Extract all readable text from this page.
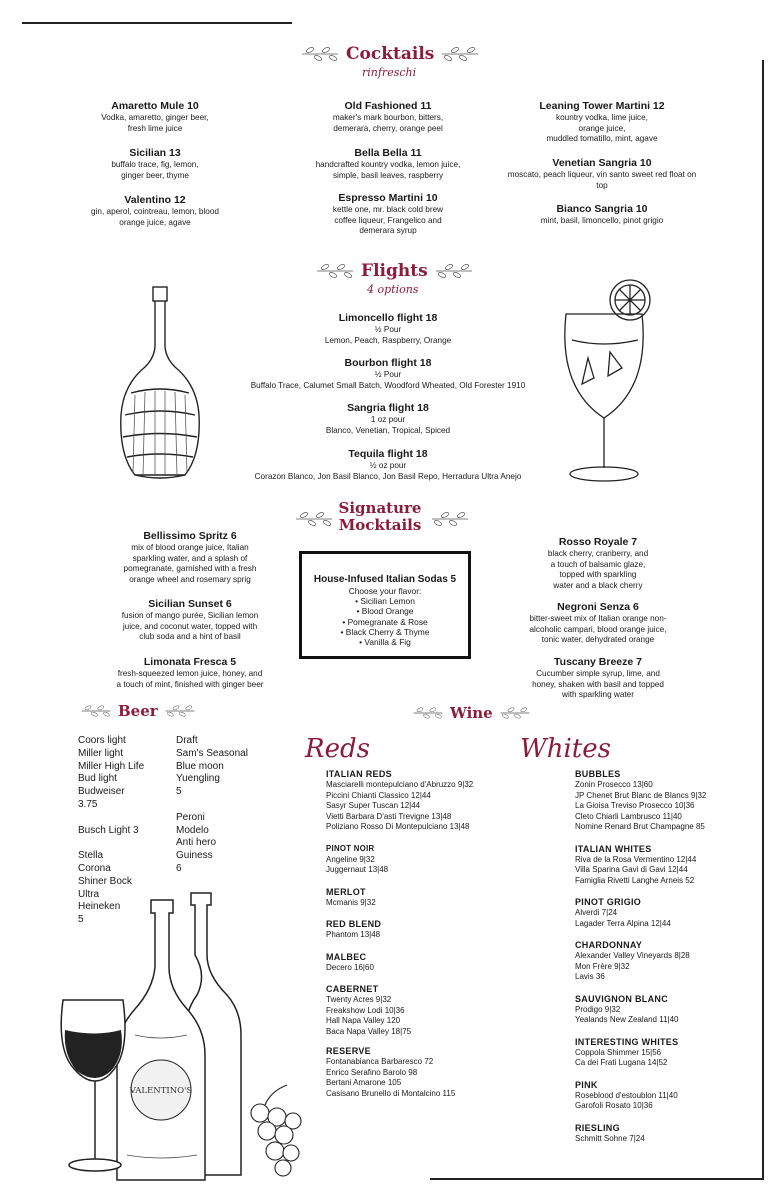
Cocktails
rinfreschi
Amaretto Mule 10
Vodka, amaretto, ginger beer,
fresh lime juice
Sicilian 13
buffalo trace, fig, lemon,
ginger beer, thyme
Valentino 12
gin, aperol, cointreau, lemon, blood
orange juice, agave
Old Fashioned 11
maker's mark bourbon, bitters,
demerara, cherry, orange peel
Bella Bella 11
handcrafted kountry vodka, lemon juice,
simple, basil leaves, raspberry
Espresso Martini 10
kettle one, mr. black cold brew
coffee liqueur, Frangelico and
demerara syrup
Leaning Tower Martini 12
kountry vodka, lime juice,
orange juice,
muddled tomatillo, mint, agave
Venetian Sangria 10
moscato, peach liqueur, vin santo sweet red float on
top
Bianco Sangria 10
mint, basil, limoncello, pinot grigio
Flights
4 options
Limoncello flight 18
½ Pour
Lemon, Peach, Raspberry, Orange
Bourbon flight 18
½ Pour
Buffalo Trace, Calumet Small Batch, Woodford Wheated, Old Forester 1910
Sangria flight 18
1 oz pour
Blanco, Venetian, Tropical, Spiced
Tequila flight 18
½ oz pour
Corazon Blanco, Jon Basil Blanco, Jon Basil Repo, Herradura Ultra Anejo
Signature
Mocktails
Bellissimo Spritz 6
mix of blood orange juice, Italian
sparkling water, and a splash of
pomegranate, garnished with a fresh
orange wheel and rosemary sprig
Sicilian Sunset 6
fusion of mango purée, Sicilian lemon
juice, and coconut water, topped with
club soda and a hint of basil
Limonata Fresca 5
fresh-squeezed lemon juice, honey, and
a touch of mint, finished with ginger beer
House-Infused Italian Sodas 5
Choose your flavor:
• Sicilian Lemon
• Blood Orange
• Pomegranate & Rose
• Black Cherry & Thyme
• Vanilla & Fig
Rosso Royale 7
black cherry, cranberry, and
a touch of balsamic glaze,
topped with sparkling
water and a black cherry
Negroni Senza 6
bitter-sweet mix of Italian orange non-
alcoholic campari, blood orange juice,
tonic water, dehydrated orange
Tuscany Breeze 7
Cucumber simple syrup, lime, and
honey, shaken with basil and topped
with sparkling water
Beer
Coors light
Miller light
Miller High Life
Bud light
Budweiser
3.75
Busch Light 3
Stella
Corona
Shiner Bock
Ultra
Heineken
5
Draft
Sam's Seasonal
Blue moon
Yuengling
5
Peroni
Modelo
Anti hero
Guiness
6
VALENTINO'S
Wine
Reds	Whites
ITALIAN REDS
Masciarelli montepulciano d'Abruzzo 9|32
Piccini Chianti Classico 12|44
Sasyr Super Tuscan 12|44
Vietti Barbara D'asti Trevigne 13|48
Poliziano Rosso Di Montepulciano 13|48
PINOT NOIR
Angeline 9|32
Juggernaut 13|48
MERLOT
Mcmanis 9|32
RED BLEND
Phantom 13|48
MALBEC
Decero 16|60
CABERNET
Twenty Acres 9|32
Freakshow Lodi 10|36
Hall Napa Valley 120
Baca Napa Valley 18|75
RESERVE
Fontanabianca Barbaresco 72
Enrico Serafino Barolo 98
Bertani Amarone 105
Casisano Brunello di Montalcino 115
BUBBLES
Zonin Prosecco 13|60
JP Chenet Brut Blanc de Blancs 9|32
La Gioisa Treviso Prosecco 10|36
Cleto Chiarli Lambrusco 11|40
Nomine Renard Brut Champagne 85
ITALIAN WHITES
Riva de la Rosa Vermentino 12|44
Villa Sparina Gavi di Gavi 12|44
Famiglia Rivetti Langhe Arneis 52
PINOT GRIGIO
Alverdi 7|24
Lagader Terra Alpina 12|44
CHARDONNAY
Alexander Valley Vineyards 8|28
Mon Frère 9|32
Lavis 36
SAUVIGNON BLANC
Prodigo 9|32
Yealands New Zealand 11|40
INTERESTING WHITES
Coppola Shimmer 15|56
Ca dei Frati Lugana 14|52
PINK
Roseblood d'estoublon 11|40
Garofoli Rosato 10|36
RIESLING
Schmitt Sohne 7|24
